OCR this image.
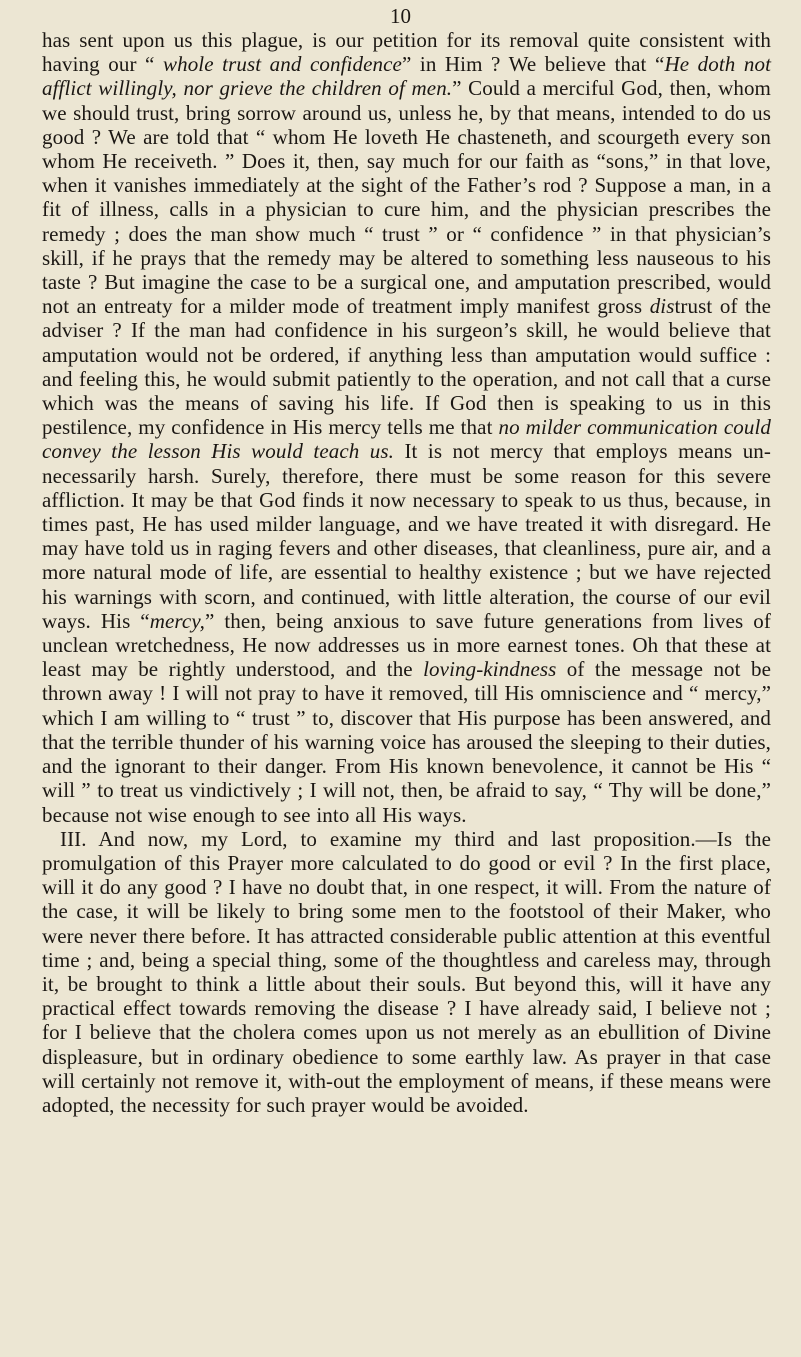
10

has sent upon us this plague, is our petition for its removal quite consistent with having our “ whole trust and confidence” in Him ? We believe that “He doth not afflict willingly, nor grieve the children of men.” Could a merciful God, then, whom we should trust, bring sorrow around us, unless he, by that means, intended to do us good ? We are told that “ whom He loveth He chasteneth, and scourgeth every son whom He receiveth. ” Does it, then, say much for our faith as “sons,” in that love, when it vanishes immediately at the sight of the Father’s rod ? Suppose a man, in a fit of illness, calls in a physician to cure him, and the physician prescribes the remedy ; does the man show much “ trust ” or “ confidence ” in that physician’s skill, if he prays that the remedy may be altered to something less nauseous to his taste ? But imagine the case to be a surgical one, and amputation prescribed, would not an entreaty for a milder mode of treatment imply manifest gross distrust of the adviser ? If the man had confidence in his surgeon’s skill, he would believe that amputation would not be ordered, if anything less than amputation would suffice : and feeling this, he would submit patiently to the operation, and not call that a curse which was the means of saving his life. If God then is speaking to us in this pestilence, my confidence in His mercy tells me that no milder communication could convey the lesson His would teach us. It is not mercy that employs means un-necessarily harsh. Surely, therefore, there must be some reason for this severe affliction. It may be that God finds it now necessary to speak to us thus, because, in times past, He has used milder language, and we have treated it with disregard. He may have told us in raging fevers and other diseases, that cleanliness, pure air, and a more natural mode of life, are essential to healthy existence ; but we have rejected his warnings with scorn, and continued, with little alteration, the course of our evil ways. His “mercy,” then, being anxious to save future generations from lives of unclean wretchedness, He now addresses us in more earnest tones. Oh that these at least may be rightly understood, and the loving-kindness of the message not be thrown away ! I will not pray to have it removed, till His omniscience and “ mercy,” which I am willing to “ trust ” to, discover that His purpose has been answered, and that the terrible thunder of his warning voice has aroused the sleeping to their duties, and the ignorant to their danger. From His known benevolence, it cannot be His “ will ” to treat us vindictively ; I will not, then, be afraid to say, “ Thy will be done,” because not wise enough to see into all His ways.

III. And now, my Lord, to examine my third and last proposition.—Is the promulgation of this Prayer more calculated to do good or evil ? In the first place, will it do any good ? I have no doubt that, in one respect, it will. From the nature of the case, it will be likely to bring some men to the footstool of their Maker, who were never there before. It has attracted considerable public attention at this eventful time ; and, being a special thing, some of the thoughtless and careless may, through it, be brought to think a little about their souls. But beyond this, will it have any practical effect towards removing the disease ? I have already said, I believe not ; for I believe that the cholera comes upon us not merely as an ebullition of Divine displeasure, but in ordinary obedience to some earthly law. As prayer in that case will certainly not remove it, with-out the employment of means, if these means were adopted, the necessity for such prayer would be avoided.
